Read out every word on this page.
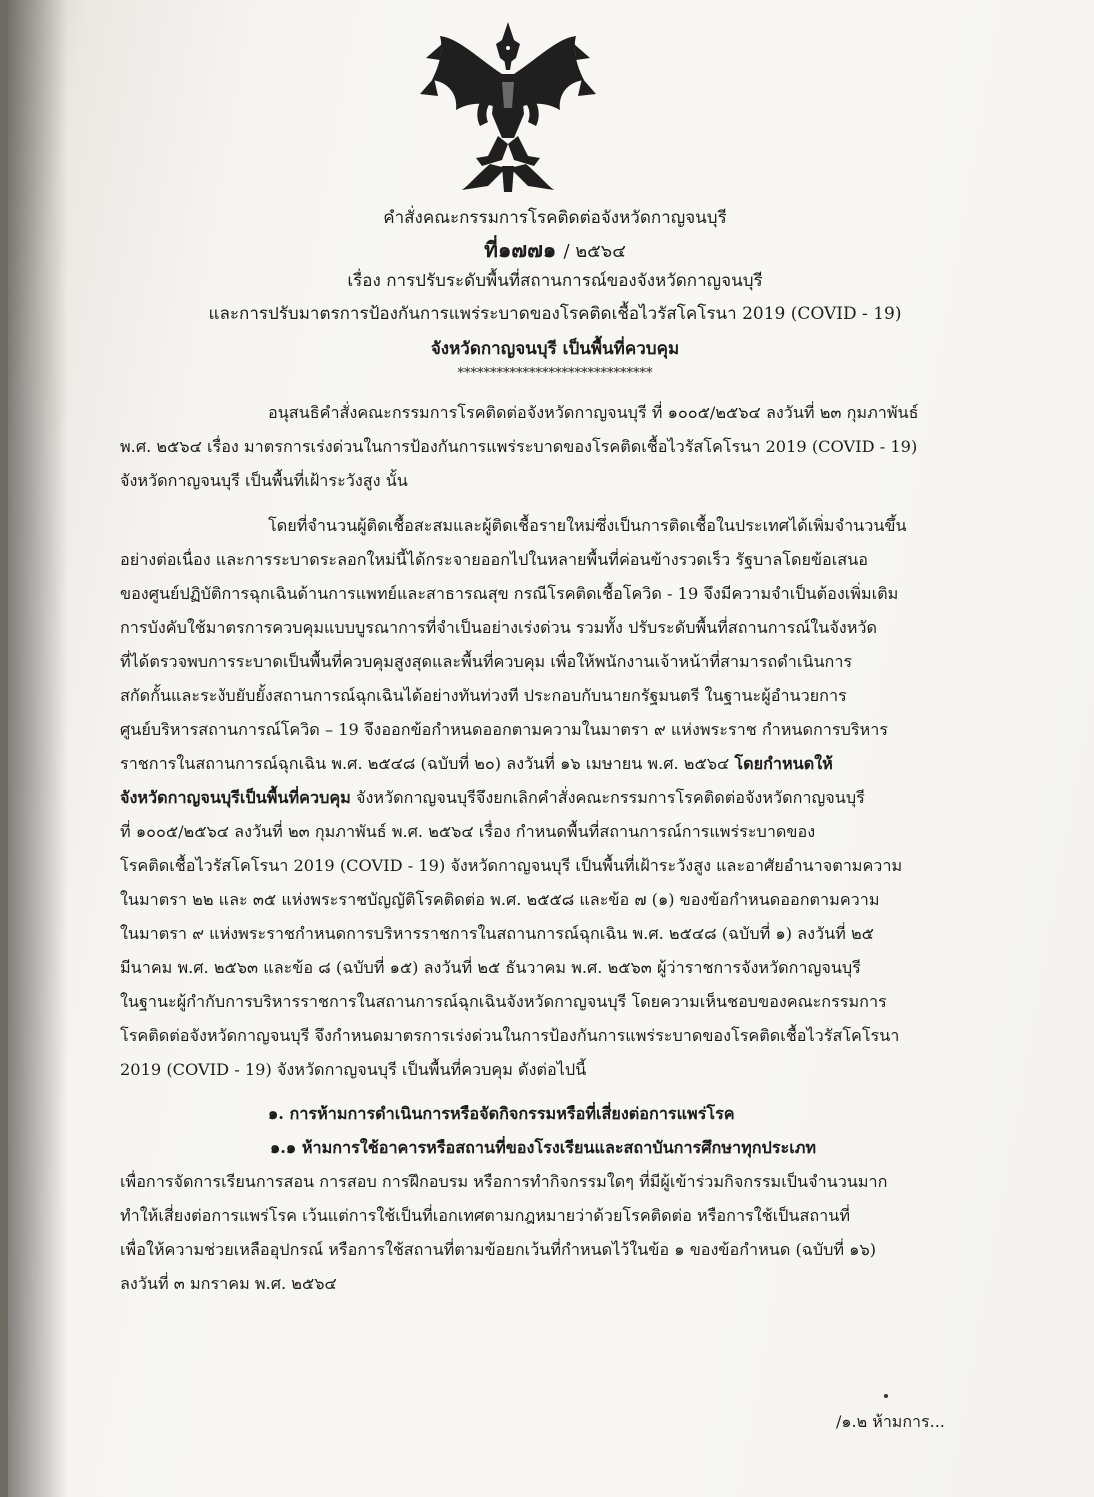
คำสั่งคณะกรรมการโรคติดต่อจังหวัดกาญจนบุรี
ที่๑๗๗๑ / ๒๕๖๔
เรื่อง การปรับระดับพื้นที่สถานการณ์ของจังหวัดกาญจนบุรี
และการปรับมาตรการป้องกันการแพร่ระบาดของโรคติดเชื้อไวรัสโคโรนา 2019 (COVID - 19)
จังหวัดกาญจนบุรี เป็นพื้นที่ควบคุม
******************************
อนุสนธิคำสั่งคณะกรรมการโรคติดต่อจังหวัดกาญจนบุรี ที่ ๑๐๐๕/๒๕๖๔ ลงวันที่ ๒๓ กุมภาพันธ์
พ.ศ. ๒๕๖๔ เรื่อง มาตรการเร่งด่วนในการป้องกันการแพร่ระบาดของโรคติดเชื้อไวรัสโคโรนา 2019 (COVID - 19)
จังหวัดกาญจนบุรี เป็นพื้นที่เฝ้าระวังสูง นั้น
โดยที่จำนวนผู้ติดเชื้อสะสมและผู้ติดเชื้อรายใหม่ซึ่งเป็นการติดเชื้อในประเทศได้เพิ่มจำนวนขึ้น
อย่างต่อเนื่อง และการระบาดระลอกใหม่นี้ได้กระจายออกไปในหลายพื้นที่ค่อนข้างรวดเร็ว รัฐบาลโดยข้อเสนอ
ของศูนย์ปฏิบัติการฉุกเฉินด้านการแพทย์และสาธารณสุข กรณีโรคติดเชื้อโควิด - 19 จึงมีความจำเป็นต้องเพิ่มเติม
การบังคับใช้มาตรการควบคุมแบบบูรณาการที่จำเป็นอย่างเร่งด่วน รวมทั้ง ปรับระดับพื้นที่สถานการณ์ในจังหวัด
ที่ได้ตรวจพบการระบาดเป็นพื้นที่ควบคุมสูงสุดและพื้นที่ควบคุม เพื่อให้พนักงานเจ้าหน้าที่สามารถดำเนินการ
สกัดกั้นและระงับยับยั้งสถานการณ์ฉุกเฉินได้อย่างทันท่วงที ประกอบกับนายกรัฐมนตรี ในฐานะผู้อำนวยการ
ศูนย์บริหารสถานการณ์โควิด – 19 จึงออกข้อกำหนดออกตามความในมาตรา ๙ แห่งพระราช กำหนดการบริหาร
ราชการในสถานการณ์ฉุกเฉิน พ.ศ. ๒๕๔๘ (ฉบับที่ ๒๐) ลงวันที่ ๑๖ เมษายน พ.ศ. ๒๕๖๔ โดยกำหนดให้
จังหวัดกาญจนบุรีเป็นพื้นที่ควบคุม จังหวัดกาญจนบุรีจึงยกเลิกคำสั่งคณะกรรมการโรคติดต่อจังหวัดกาญจนบุรี
ที่ ๑๐๐๕/๒๕๖๔ ลงวันที่ ๒๓ กุมภาพันธ์ พ.ศ. ๒๕๖๔ เรื่อง กำหนดพื้นที่สถานการณ์การแพร่ระบาดของ
โรคติดเชื้อไวรัสโคโรนา 2019 (COVID - 19) จังหวัดกาญจนบุรี เป็นพื้นที่เฝ้าระวังสูง และอาศัยอำนาจตามความ
ในมาตรา ๒๒ และ ๓๕ แห่งพระราชบัญญัติโรคติดต่อ พ.ศ. ๒๕๕๘ และข้อ ๗ (๑) ของข้อกำหนดออกตามความ
ในมาตรา ๙ แห่งพระราชกำหนดการบริหารราชการในสถานการณ์ฉุกเฉิน พ.ศ. ๒๕๔๘ (ฉบับที่ ๑) ลงวันที่ ๒๕
มีนาคม พ.ศ. ๒๕๖๓ และข้อ ๘ (ฉบับที่ ๑๕) ลงวันที่ ๒๕ ธันวาคม พ.ศ. ๒๕๖๓ ผู้ว่าราชการจังหวัดกาญจนบุรี
ในฐานะผู้กำกับการบริหารราชการในสถานการณ์ฉุกเฉินจังหวัดกาญจนบุรี โดยความเห็นชอบของคณะกรรมการ
โรคติดต่อจังหวัดกาญจนบุรี จึงกำหนดมาตรการเร่งด่วนในการป้องกันการแพร่ระบาดของโรคติดเชื้อไวรัสโคโรนา
2019 (COVID - 19) จังหวัดกาญจนบุรี เป็นพื้นที่ควบคุม ดังต่อไปนี้
๑. การห้ามการดำเนินการหรือจัดกิจกรรมหรือที่เสี่ยงต่อการแพร่โรค
๑.๑ ห้ามการใช้อาคารหรือสถานที่ของโรงเรียนและสถาบันการศึกษาทุกประเภท
เพื่อการจัดการเรียนการสอน การสอบ การฝึกอบรม หรือการทำกิจกรรมใดๆ ที่มีผู้เข้าร่วมกิจกรรมเป็นจำนวนมาก
ทำให้เสี่ยงต่อการแพร่โรค เว้นแต่การใช้เป็นที่เอกเทศตามกฎหมายว่าด้วยโรคติดต่อ หรือการใช้เป็นสถานที่
เพื่อให้ความช่วยเหลืออุปกรณ์ หรือการใช้สถานที่ตามข้อยกเว้นที่กำหนดไว้ในข้อ ๑ ของข้อกำหนด (ฉบับที่ ๑๖)
ลงวันที่ ๓ มกราคม พ.ศ. ๒๕๖๔
/๑.๒ ห้ามการ...
